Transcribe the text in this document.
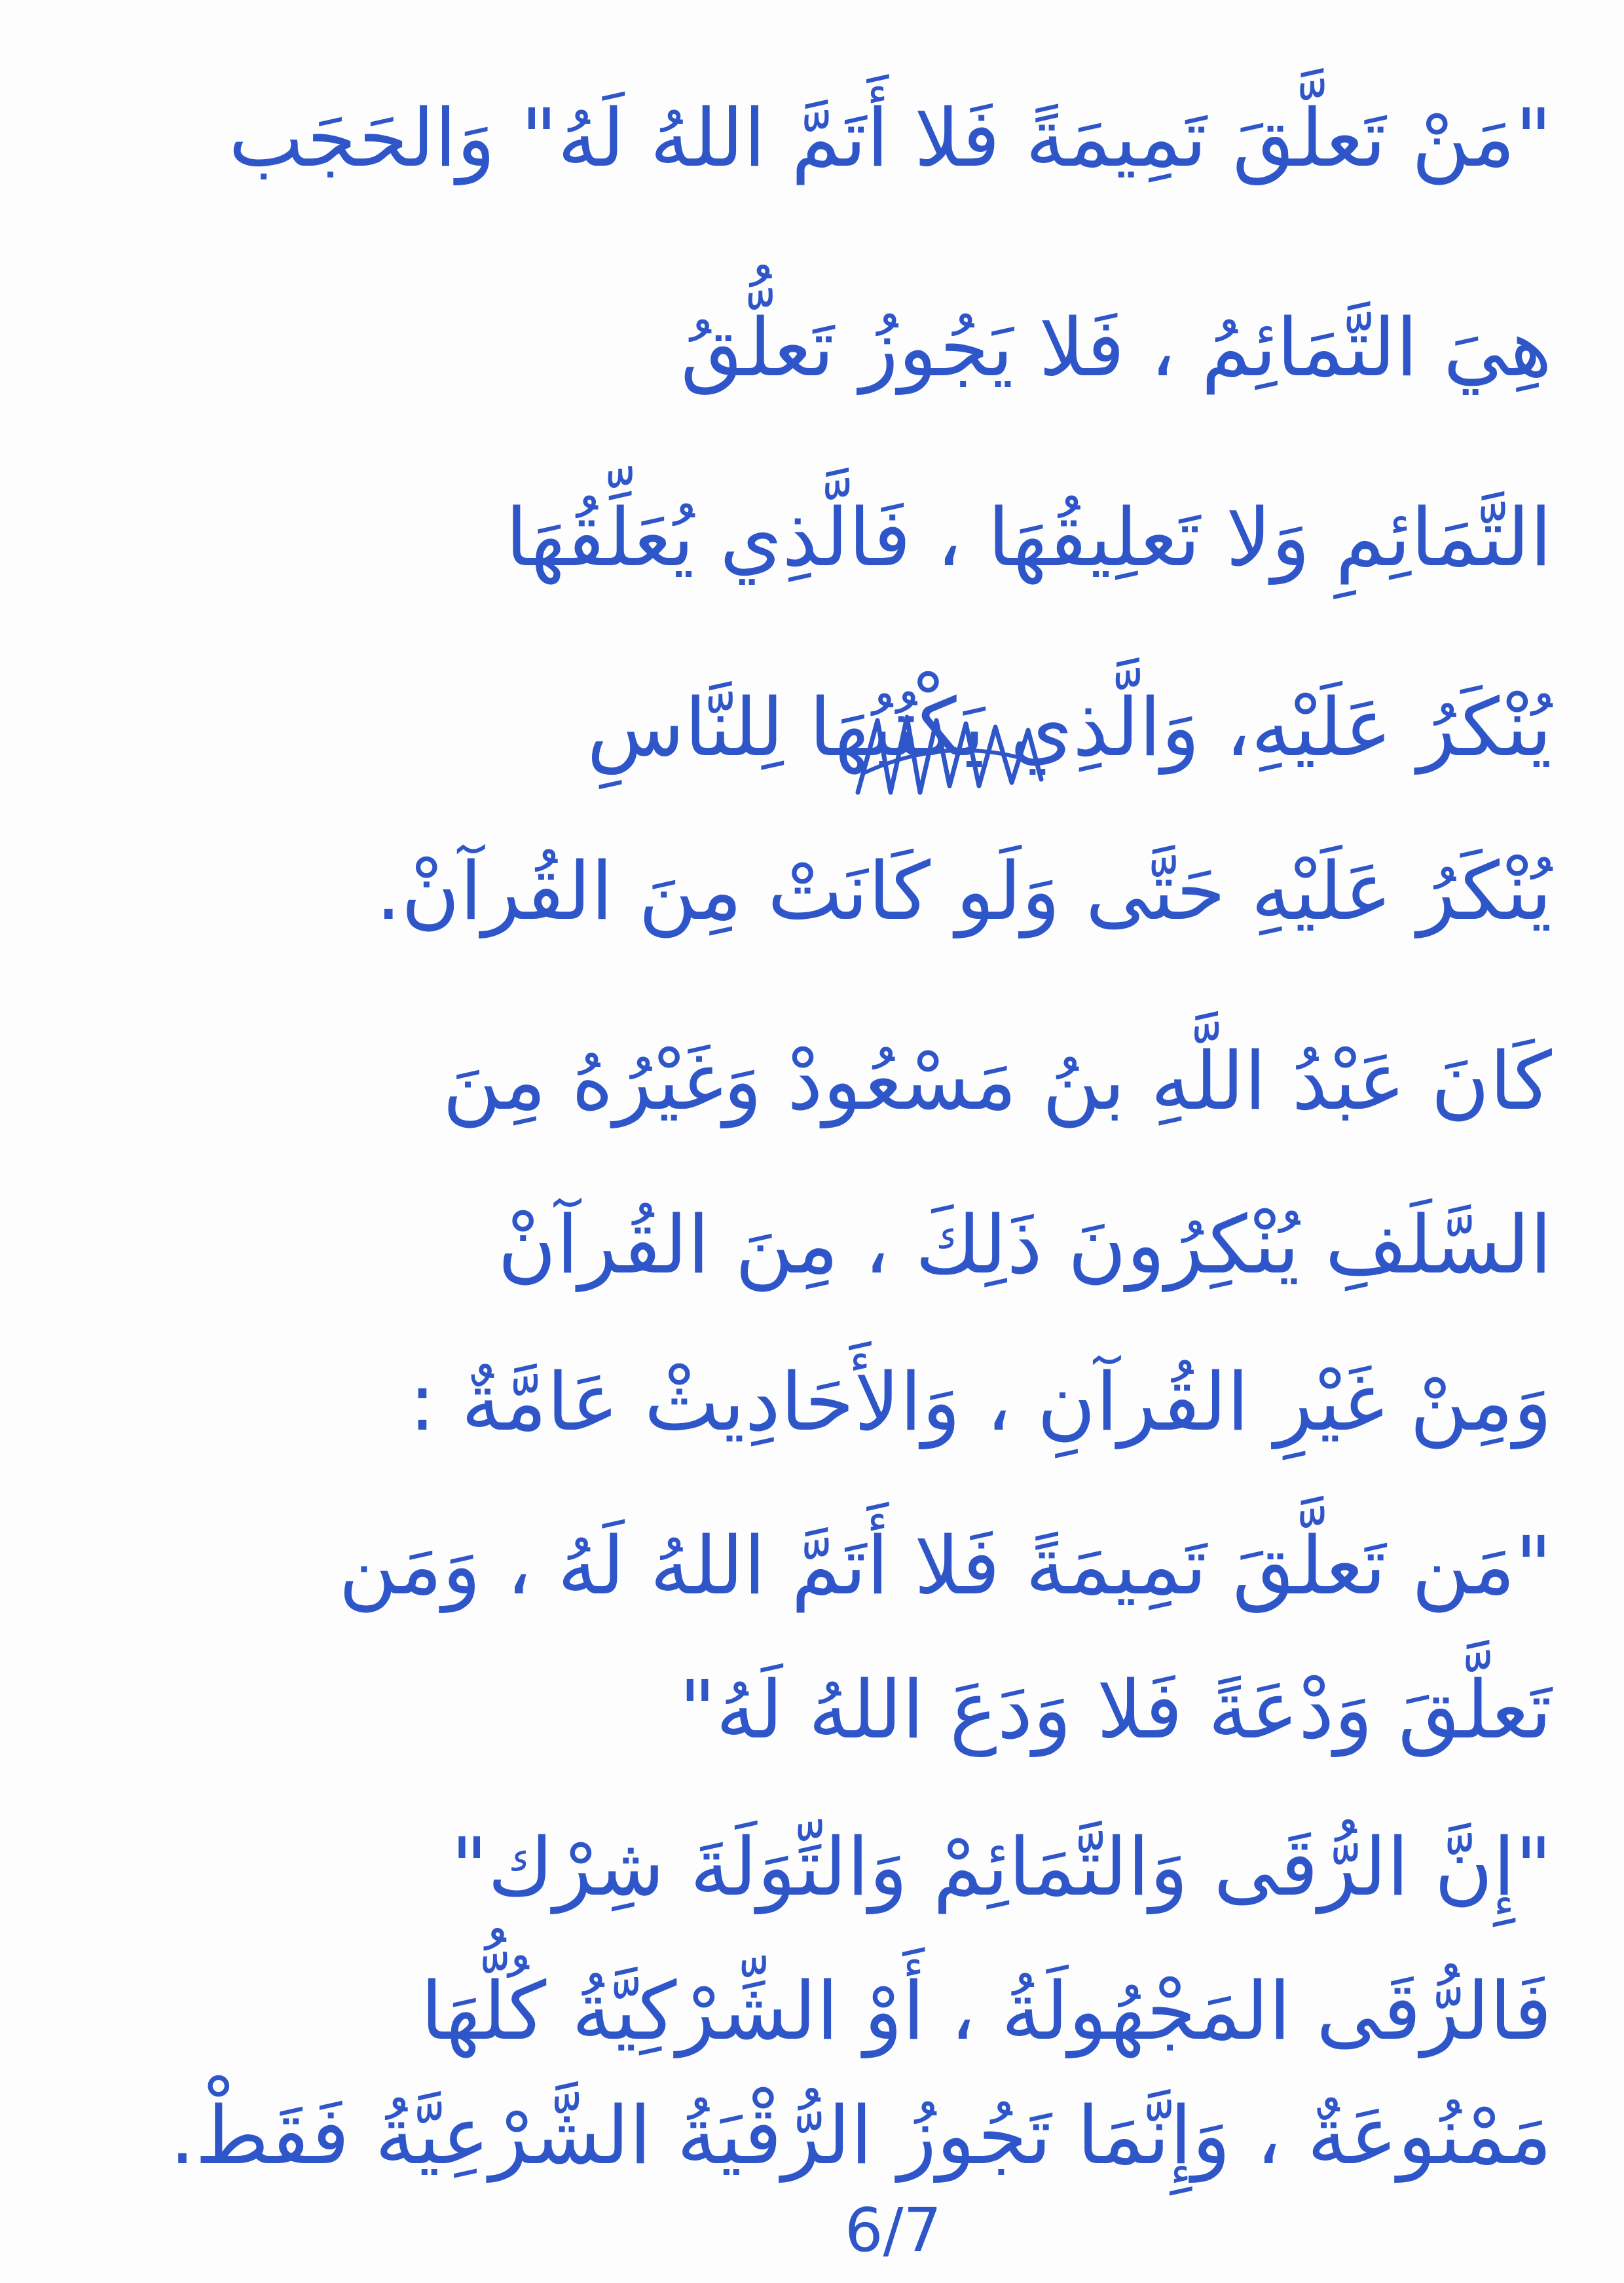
"مَنْ تَعلَّقَ تَمِيمَةً فَلا أَتَمَّ اللهُ لَهُ" وَالحَجَب
هِيَ التَّمَائِمُ ، فَلا يَجُوزُ تَعلُّقُ
التَّمَائِمِ وَلا تَعلِيقُهَا ، فَالَّذِي يُعَلِّقُهَا
يُنْكَرُ عَلَيْهِ، وَالَّذِي يَكْتُبُهَا لِلنَّاسِ
يُنْكَرُ عَلَيْهِ حَتَّى وَلَو كَانَتْ مِنَ القُرآنْ.
كَانَ عَبْدُ اللَّهِ بنُ مَسْعُودْ وَغَيْرُهُ مِنَ
السَّلَفِ يُنْكِرُونَ ذَلِكَ ، مِنَ القُرآنْ
وَمِنْ غَيْرِ القُرآنِ ، وَالأَحَادِيثْ عَامَّةٌ :
"مَن تَعلَّقَ تَمِيمَةً فَلا أَتَمَّ اللهُ لَهُ ، وَمَن
تَعلَّقَ وَدْعَةً فَلا وَدَعَ اللهُ لَهُ"
"إِنَّ الرُّقَى وَالتَّمَائِمْ وَالتِّوَلَةَ شِرْك"
فَالرُّقَى المَجْهُولَةُ ، أَوْ الشِّرْكِيَّةُ كُلُّهَا
مَمْنُوعَةٌ ، وَإِنَّمَا تَجُوزُ الرُّقْيَةُ الشَّرْعِيَّةُ فَقَطْ.
6/7
